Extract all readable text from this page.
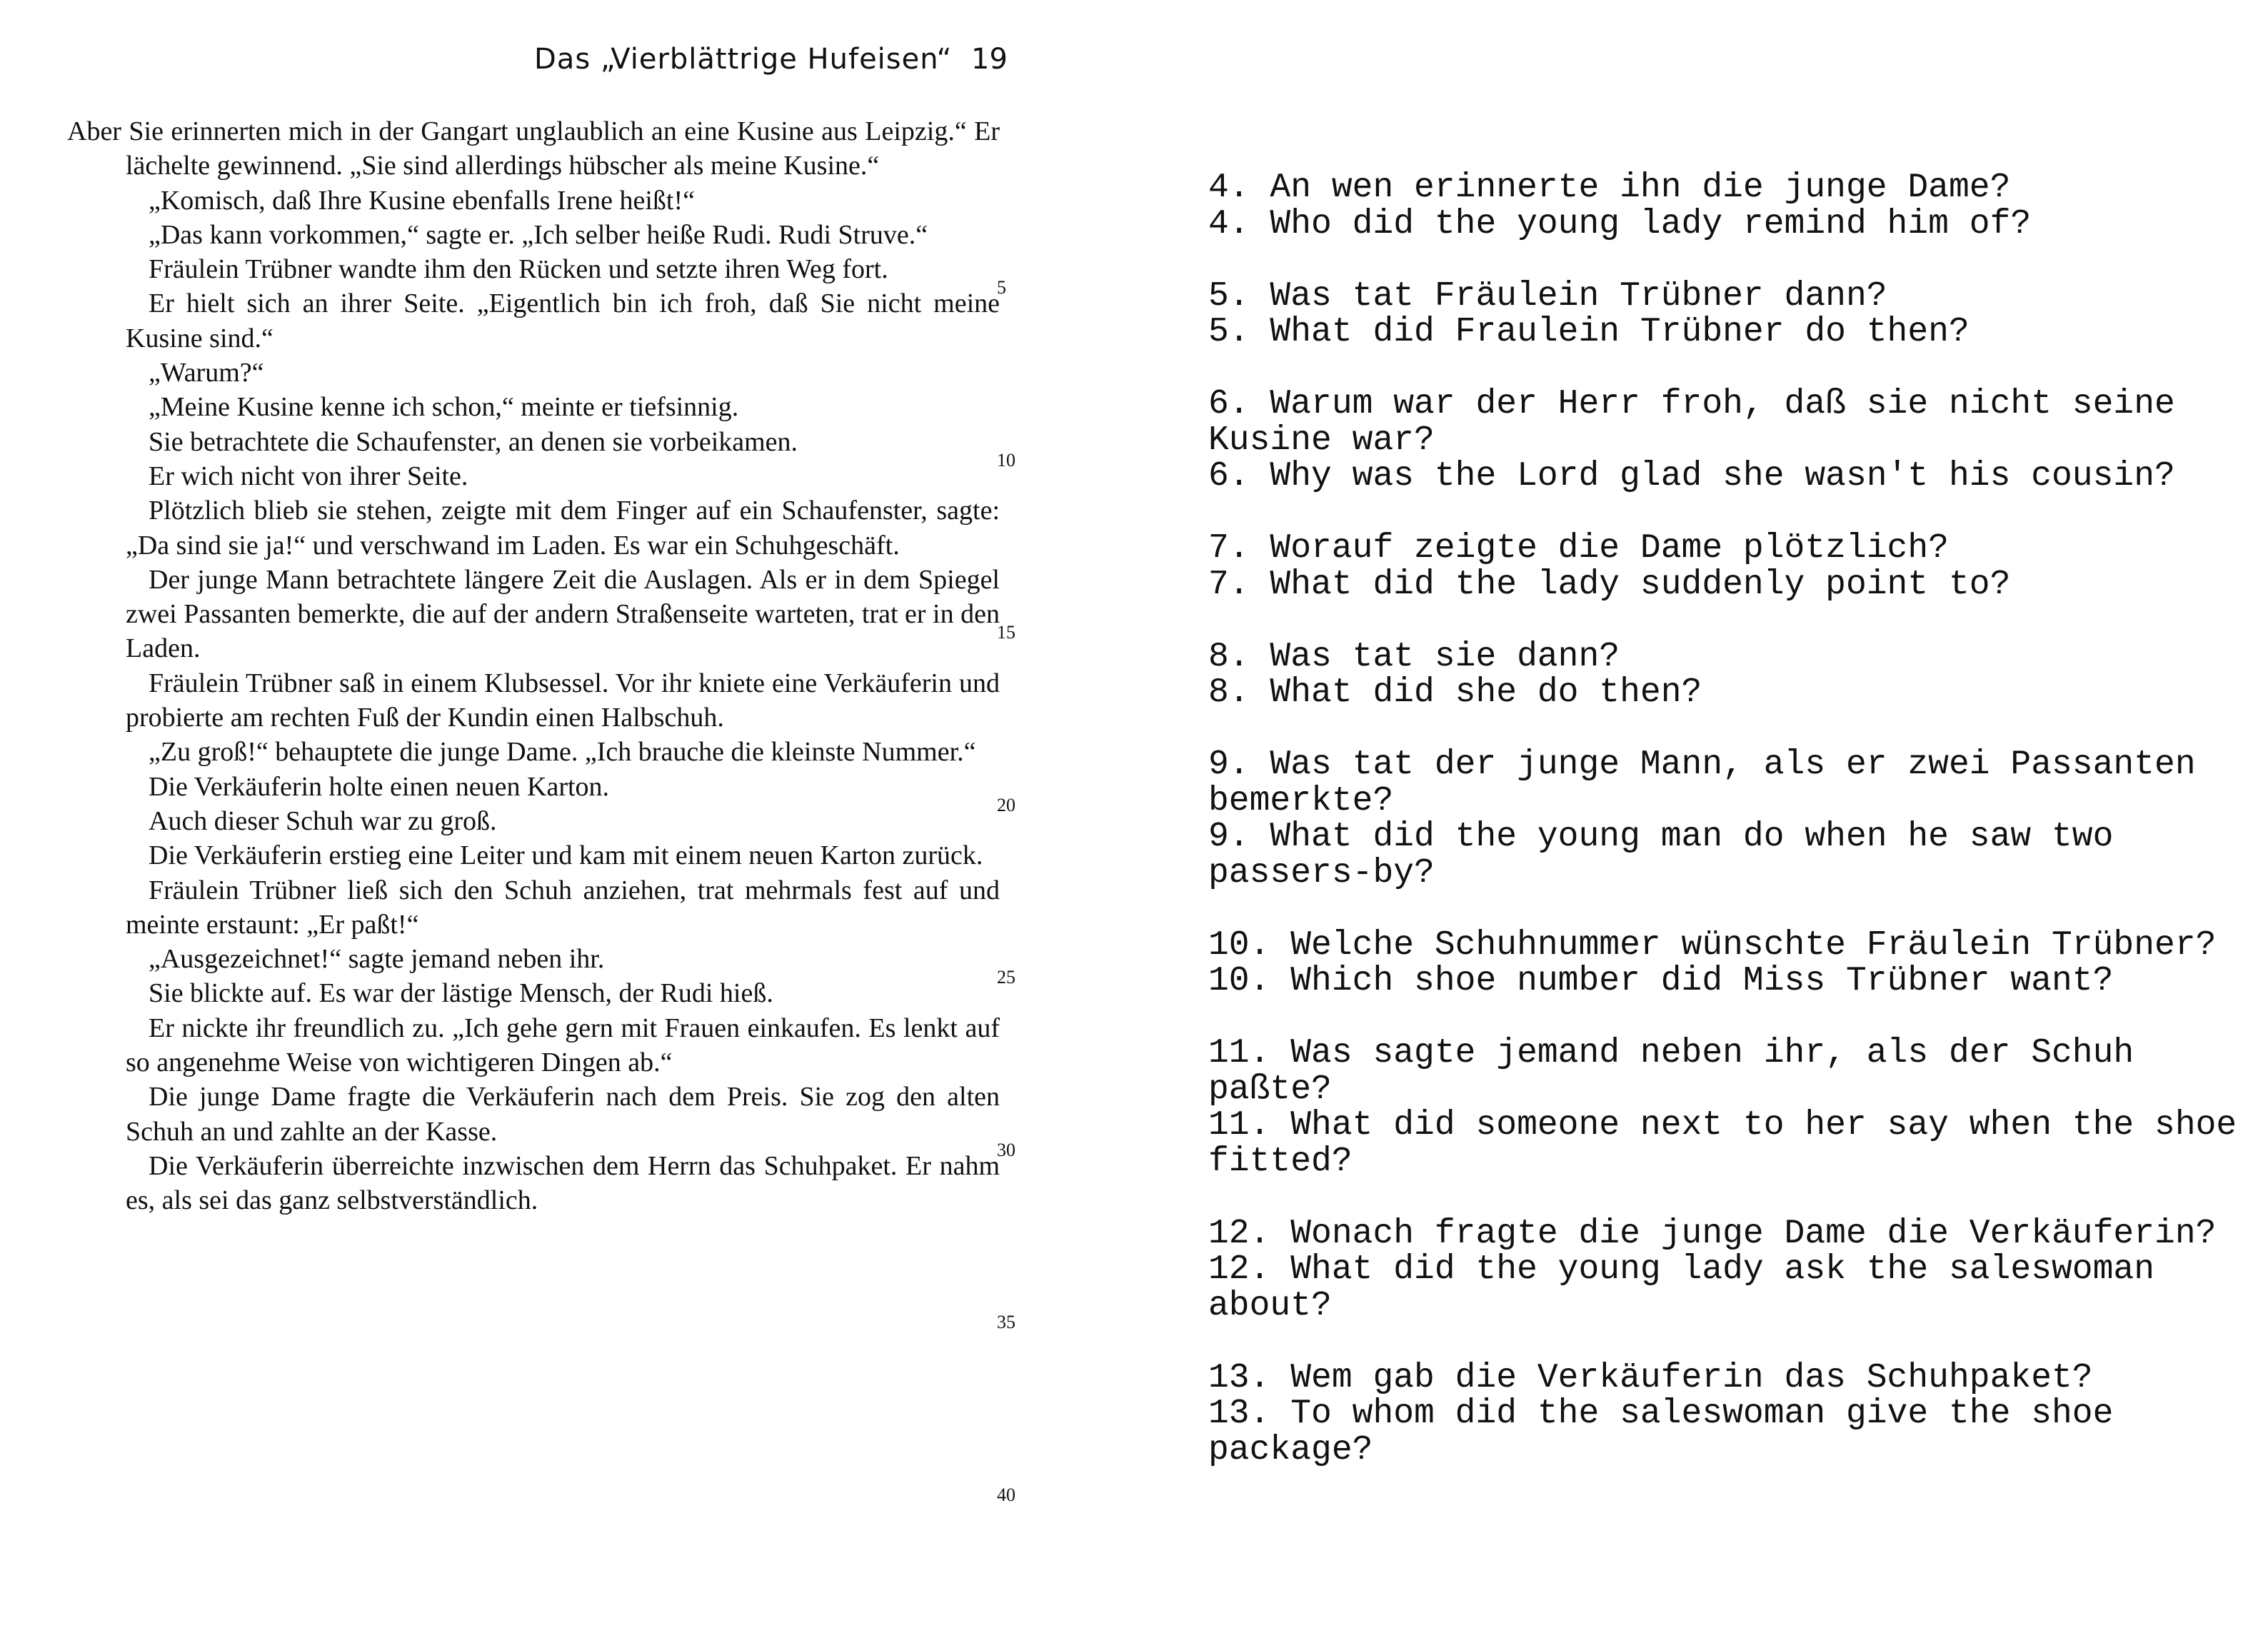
Das „Vierblättrige Hufeisen“ 19

Aber Sie erinnerten mich in der Gangart unglaublich an eine Kusine aus Leipzig.“ Er lächelte gewinnend. „Sie sind allerdings hübscher als meine Kusine.“

„Komisch, daß Ihre Kusine ebenfalls Irene heißt!“

„Das kann vorkommen,“ sagte er. „Ich selber heiße Rudi. Rudi Struve.“

Fräulein Trübner wandte ihm den Rücken und setzte ihren Weg fort.

Er hielt sich an ihrer Seite. „Eigentlich bin ich froh, daß Sie nicht meine Kusine sind.“

„Warum?“

„Meine Kusine kenne ich schon,“ meinte er tiefsinnig.

Sie betrachtete die Schaufenster, an denen sie vorbeikamen.

Er wich nicht von ihrer Seite.

Plötzlich blieb sie stehen, zeigte mit dem Finger auf ein Schaufenster, sagte: „Da sind sie ja!“ und verschwand im Laden. Es war ein Schuhgeschäft.

Der junge Mann betrachtete längere Zeit die Auslagen. Als er in dem Spiegel zwei Passanten bemerkte, die auf der andern Straßenseite warteten, trat er in den Laden.

Fräulein Trübner saß in einem Klubsessel. Vor ihr kniete eine Verkäuferin und probierte am rechten Fuß der Kundin einen Halbschuh.

„Zu groß!“ behauptete die junge Dame. „Ich brauche die kleinste Nummer.“

Die Verkäuferin holte einen neuen Karton.

Auch dieser Schuh war zu groß.

Die Verkäuferin erstieg eine Leiter und kam mit einem neuen Karton zurück.

Fräulein Trübner ließ sich den Schuh anziehen, trat mehrmals fest auf und meinte erstaunt: „Er paßt!“

„Ausgezeichnet!“ sagte jemand neben ihr.

Sie blickte auf. Es war der lästige Mensch, der Rudi hieß.

Er nickte ihr freundlich zu. „Ich gehe gern mit Frauen einkaufen. Es lenkt auf so angenehme Weise von wichtigeren Dingen ab.“

Die junge Dame fragte die Verkäuferin nach dem Preis. Sie zog den alten Schuh an und zahlte an der Kasse.

Die Verkäuferin überreichte inzwischen dem Herrn das Schuhpaket. Er nahm es, als sei das ganz selbstverständlich.

5
10
15
20
25
30
35
40

4. An wen erinnerte ihn die junge Dame?

4. Who did the young lady remind him of?

5. Was tat Fräulein Trübner dann?

5. What did Fraulein Trübner do then?

6. Warum war der Herr froh, daß sie nicht seine Kusine war?

6. Why was the Lord glad she wasn't his cousin?

7. Worauf zeigte die Dame plötzlich?

7. What did the lady suddenly point to?

8. Was tat sie dann?

8. What did she do then?

9. Was tat der junge Mann, als er zwei Passanten bemerkte?

9. What did the young man do when he saw two passers-by?

10. Welche Schuhnummer wünschte Fräulein Trübner?

10. Which shoe number did Miss Trübner want?

11. Was sagte jemand neben ihr, als der Schuh paßte?

11. What did someone next to her say when the shoe fitted?

12. Wonach fragte die junge Dame die Verkäuferin?

12. What did the young lady ask the saleswoman about?

13. Wem gab die Verkäuferin das Schuhpaket?

13. To whom did the saleswoman give the shoe package?
